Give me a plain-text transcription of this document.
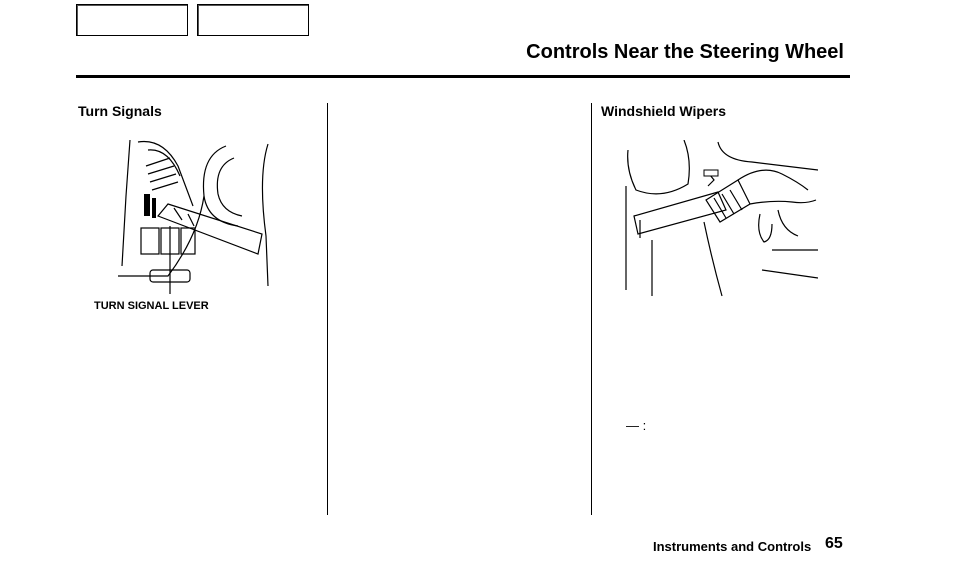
Controls Near the Steering Wheel
Turn Signals
TURN SIGNAL LEVER
Windshield Wipers
— :
Instruments and Controls 65
